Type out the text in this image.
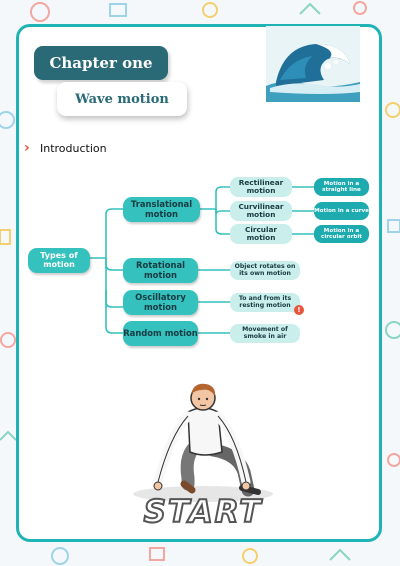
Chapter one
Wave motion
› Introduction
Types of motion
Translational motion
Rotational motion
Oscillatory motion
Random motion
Rectilinear motion
Curvilinear motion
Circular motion
Motion in a straight line
Motion in a curve
Motion in a circular orbit
Object rotates on its own motion
To and from its resting motion
Movement of smoke in air
!
START
